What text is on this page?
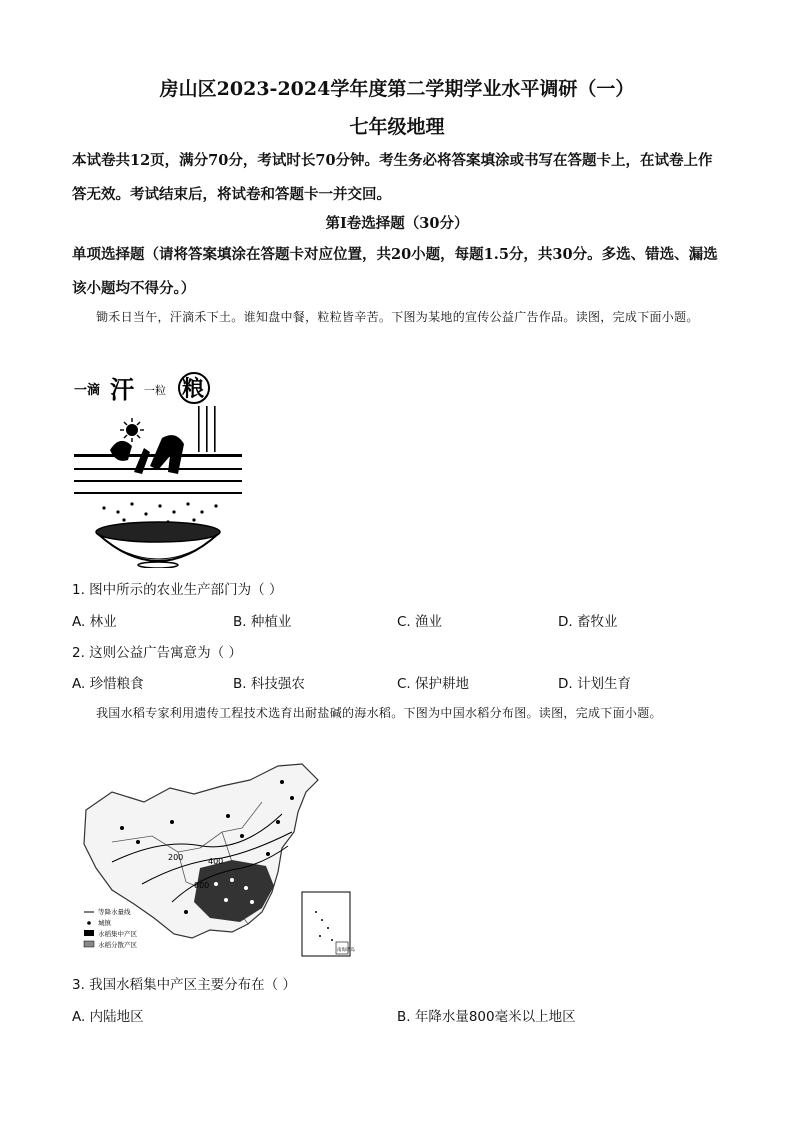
房山区2023-2024学年度第二学期学业水平调研（一）
七年级地理

本试卷共12页，满分70分，考试时长70分钟。考生务必将答案填涂或书写在答题卡上，在试卷上作答无效。考试结束后，将试卷和答题卡一并交回。

第Ⅰ卷选择题（30分）

单项选择题（请将答案填涂在答题卡对应位置，共20小题，每题1.5分，共30分。多选、错选、漏选该小题均不得分。）

锄禾日当午，汗滴禾下土。谁知盘中餐，粒粒皆辛苦。下图为某地的宣传公益广告作品。读图，完成下面小题。

一滴 汗 一粒 粮
1. 图中所示的农业生产部门为（ ）
A. 林业	B. 种植业	C. 渔业	D. 畜牧业
2. 这则公益广告寓意为（ ）
A. 珍惜粮食	B. 科技强农	C. 保护耕地	D. 计划生育

我国水稻专家利用遗传工程技术选育出耐盐碱的海水稻。下图为中国水稻分布图。读图，完成下面小题。

200	400
800
等降水量线
城镇
水稻集中产区
水稻分散产区
南海诸岛
3. 我国水稻集中产区主要分布在（ ）
A. 内陆地区	B. 年降水量800毫米以上地区
